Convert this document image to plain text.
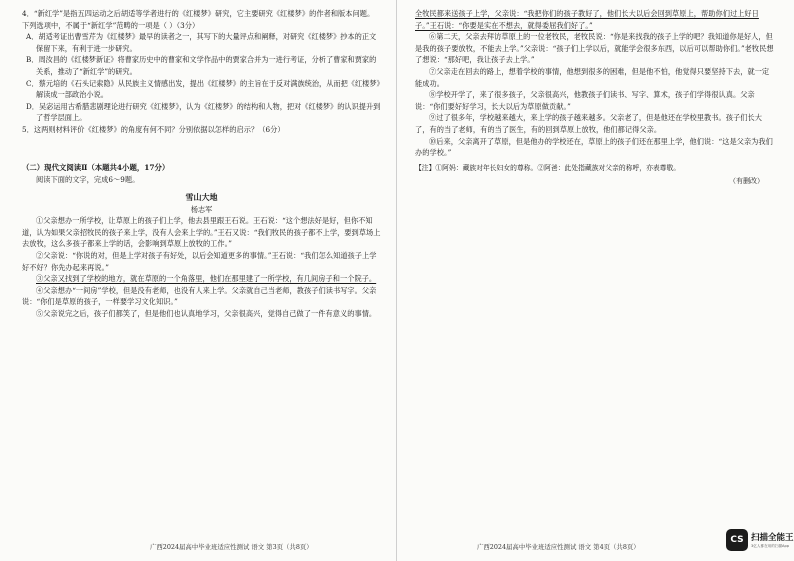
4．“新红学”是指五四运动之后胡适等学者进行的《红楼梦》研究，它主要研究《红楼梦》的作者和版本问题。下列选项中，不属于“新红学”范畴的一项是（ ）（3分）

A．胡适考证出曹雪芹为《红楼梦》最早的读者之一，其写下的大量评点和阐释，对研究《红楼梦》抄本的正文保留下来，有利于进一步研究。

B．周汝昌的《红楼梦新证》将曹家历史中的曹家和文学作品中的贾家合并为一进行考证，分析了曹家和贾家的关系，推动了“新红学”的研究。

C．蔡元培的《石头记索隐》从民族主义情感出发，提出《红楼梦》的主旨在于反对满族统治，从而把《红楼梦》解读成一部政治小说。

D．吴宓运用古希腊悲剧理论进行研究《红楼梦》，认为《红楼梦》的结构和人物，把对《红楼梦》的认识提升到了哲学层面上。

5．这两则材料评价《红楼梦》的角度有何不同？分别依据以怎样的启示？（6分）

（二）现代文阅读Ⅱ（本题共4小题，17分）

阅读下面的文字，完成6～9题。

雪山大地

杨志军

①父亲想办一所学校，让草原上的孩子们上学，他去县里跟王石说。王石说：“这个想法好是好，但你不知道，认为如果父亲招牧民的孩子来上学，没有人会来上学的。”王石又说：“我们牧民的孩子都不上学，要到草场上去放牧，这么多孩子都来上学的话，会影响到草原上放牧的工作。”

②父亲说：“你说的对，但是上学对孩子有好处，以后会知道更多的事情。”王石说：“我们怎么知道孩子上学好不好？你先办起来再说。”

③父亲又找到了学校的地方，就在草原的一个角落里，他们在那里建了一所学校，有几间房子和一个院子。

④父亲想办“一间房”学校，但是没有老师，也没有人来上学。父亲就自己当老师，教孩子们读书写字。父亲说：“你们是草原的孩子，一样要学习文化知识。”

⑤父亲说完之后，孩子们都笑了，但是他们也认真地学习，父亲很高兴，觉得自己做了一件有意义的事情。

广西2024届高中毕业班适应性测试 语文 第3页（共8页）

全牧民都来送孩子上学，父亲说：“我把你们的孩子教好了，他们长大以后会回到草原上，帮助你们过上好日子。”王石说：“你要是实在不想去，就得委屈我们好了。”

⑥第二天，父亲去拜访草原上的一位老牧民，老牧民说：“你是来找我的孩子上学的吧？我知道你是好人，但是我的孩子要放牧，不能去上学。”父亲说：“孩子们上学以后，就能学会很多东西，以后可以帮助你们。”老牧民想了想说：“那好吧，我让孩子去上学。”

⑦父亲走在回去的路上，想着学校的事情，他想到很多的困难，但是他不怕，他觉得只要坚持下去，就一定能成功。

⑧学校开学了，来了很多孩子，父亲很高兴，他教孩子们读书、写字、算术，孩子们学得很认真。父亲说：“你们要好好学习，长大以后为草原做贡献。”

⑨过了很多年，学校越来越大，来上学的孩子越来越多。父亲老了，但是他还在学校里教书。孩子们长大了，有的当了老师，有的当了医生，有的回到草原上放牧，他们都记得父亲。

⑩后来，父亲离开了草原，但是他办的学校还在，草原上的孩子们还在那里上学，他们说：“这是父亲为我们办的学校。”

【注】①阿妈：藏族对年长妇女的尊称。②阿爸：此处指藏族对父亲的称呼，亦表尊敬。

（有删改）

广西2024届高中毕业班适应性测试 语文 第4页（共8页）
CS 扫描全能王
3亿人都在用的扫描App
